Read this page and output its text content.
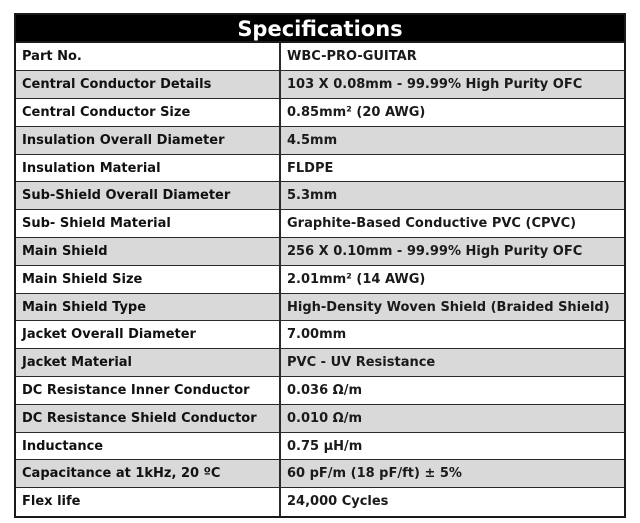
Specifications
Part No.	WBC-PRO-GUITAR
Central Conductor Details	103 X 0.08mm - 99.99% High Purity OFC
Central Conductor Size	0.85mm² (20 AWG)
Insulation Overall Diameter	4.5mm
Insulation Material	FLDPE
Sub-Shield Overall Diameter	5.3mm
Sub- Shield Material	Graphite-Based Conductive PVC (CPVC)
Main Shield	256 X 0.10mm - 99.99% High Purity OFC
Main Shield Size	2.01mm² (14 AWG)
Main Shield Type	High-Density Woven Shield (Braided Shield)
Jacket Overall Diameter	7.00mm
Jacket Material	PVC - UV Resistance
DC Resistance Inner Conductor	0.036 Ω/m
DC Resistance Shield Conductor	0.010 Ω/m
Inductance	0.75 µH/m
Capacitance at 1kHz, 20 ºC	60 pF/m (18 pF/ft) ± 5%
Flex life	24,000 Cycles
